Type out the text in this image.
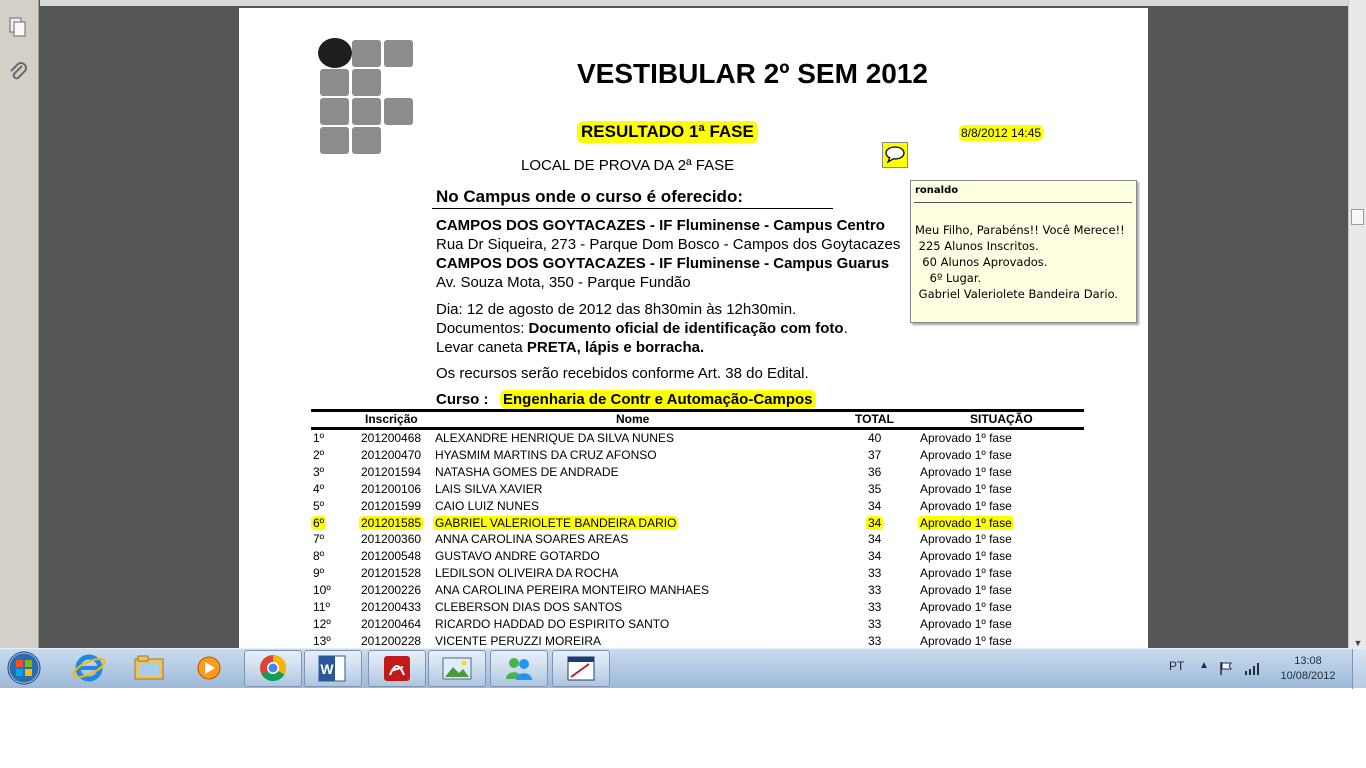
VESTIBULAR 2º SEM 2012
RESULTADO 1ª FASE	8/8/2012 14:45
LOCAL DE PROVA DA 2ª FASE
No Campus onde o curso é oferecido:
CAMPOS DOS GOYTACAZES - IF Fluminense - Campus Centro
Rua Dr Siqueira, 273 - Parque Dom Bosco - Campos dos Goytacazes
CAMPOS DOS GOYTACAZES - IF Fluminense - Campus Guarus
Av. Souza Mota, 350 - Parque Fundão
Dia: 12 de agosto de 2012 das 8h30min às 12h30min.
Documentos: Documento oficial de identificação com foto.
Levar caneta PRETA, lápis e borracha.
Os recursos serão recebidos conforme Art. 38 do Edital.
Curso : Engenharia de Contr e Automação-Campos
Inscrição	Nome	TOTAL	SITUAÇÃO
1º	201200468 ALEXANDRE HENRIQUE DA SILVA NUNES	40	Aprovado 1º fase
2º	201200470 HYASMIM MARTINS DA CRUZ AFONSO	37	Aprovado 1º fase
3º	201201594 NATASHA GOMES DE ANDRADE	36	Aprovado 1º fase
4º	201200106 LAIS SILVA XAVIER	35	Aprovado 1º fase
5º	201201599 CAIO LUIZ NUNES	34	Aprovado 1º fase
6º	201201585 GABRIEL VALERIOLETE BANDEIRA DARIO	34	Aprovado 1º fase
7º	201200360 ANNA CAROLINA SOARES AREAS	34	Aprovado 1º fase
8º	201200548 GUSTAVO ANDRE GOTARDO	34	Aprovado 1º fase
9º	201201528 LEDILSON OLIVEIRA DA ROCHA	33	Aprovado 1º fase
10º	201200226 ANA CAROLINA PEREIRA MONTEIRO MANHAES	33	Aprovado 1º fase
11º	201200433 CLEBERSON DIAS DOS SANTOS	33	Aprovado 1º fase
12º	201200464 RICARDO HADDAD DO ESPIRITO SANTO	33	Aprovado 1º fase
13º	201200228 VICENTE PERUZZI MOREIRA	33	Aprovado 1º fase
ronaldo
Meu Filho, Parabéns!! Você Merece!!
225 Alunos Inscritos.
60 Alunos Aprovados.
6º Lugar.
Gabriel Valeriolete Bandeira Dario.
▼
W	PT ▲	13:08
10/08/2012
